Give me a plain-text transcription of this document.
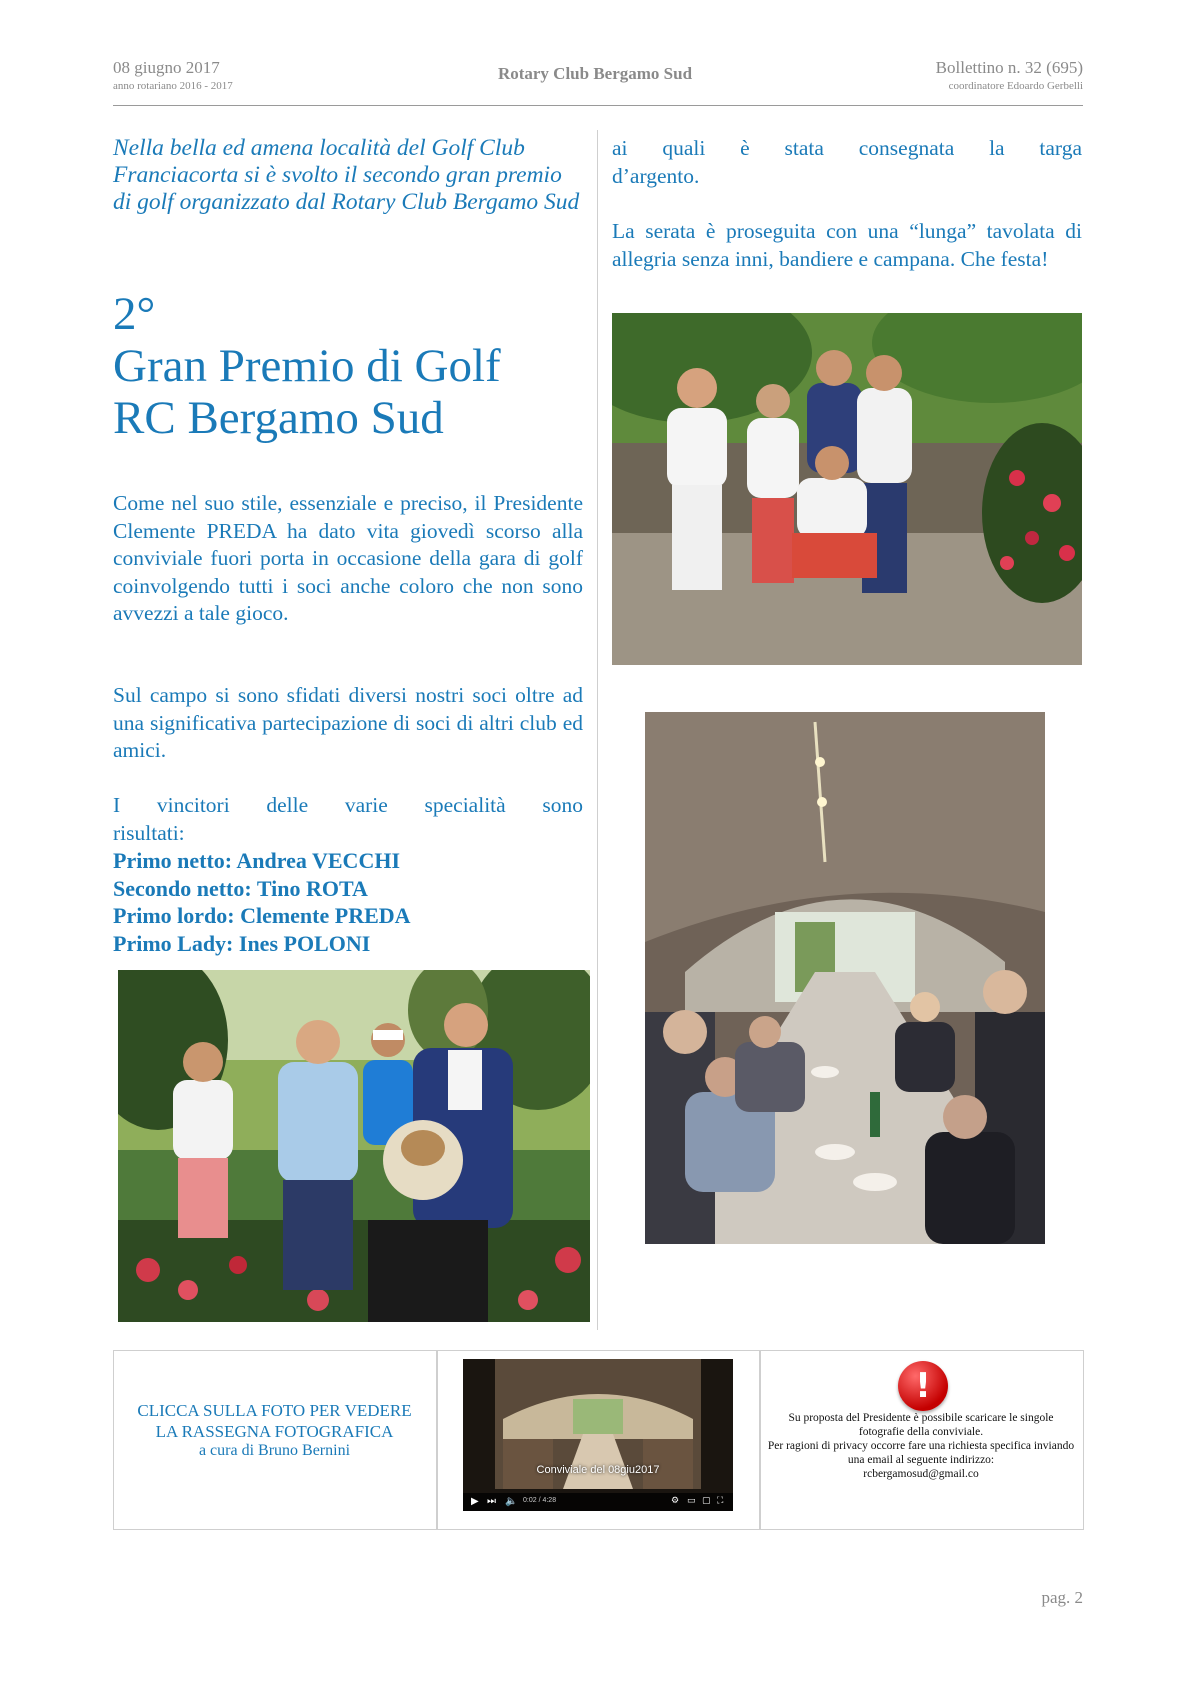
08 giugno 2017
anno rotariano 2016 - 2017
Rotary Club Bergamo Sud	Bollettino n. 32 (695)
coordinatore Edoardo Gerbelli
Nella bella ed amena località del Golf Club Franciacorta si è svolto il secondo gran premio di golf organizzato dal Rotary Club Bergamo Sud
2°
Gran Premio di Golf
RC Bergamo Sud
Come nel suo stile, essenziale e preciso, il Presidente Clemente PREDA ha dato vita giovedì scorso alla conviviale fuori porta in occasione della gara di golf coinvolgendo tutti i soci anche coloro che non sono avvezzi a tale gioco.
Sul campo si sono sfidati diversi nostri soci oltre ad una significativa partecipazione di soci di altri club ed amici.
I vincitori delle varie specialità sono
risultati:
Primo netto: Andrea VECCHI
Secondo netto: Tino ROTA
Primo lordo: Clemente PREDA
Primo Lady: Ines POLONI
ai quali è stata consegnata la targa
d’argento.
La serata è proseguita con una “lunga” tavolata di allegria senza inni, bandiere e campana. Che festa!
CLICCA SULLA FOTO PER VEDERE
LA RASSEGNA FOTOGRAFICA
a cura di Bruno Bernini
Conviviale del 08giu2017
▶ ⏭ 🔈 0:02 / 4:28	⚙ ▭ ▢ ⛶
!
Su proposta del Presidente è possibile scaricare le singole fotografie della conviviale.
Per ragioni di privacy occorre fare una richiesta specifica inviando una email al seguente indirizzo:
rcbergamosud@gmail.co
pag. 2
